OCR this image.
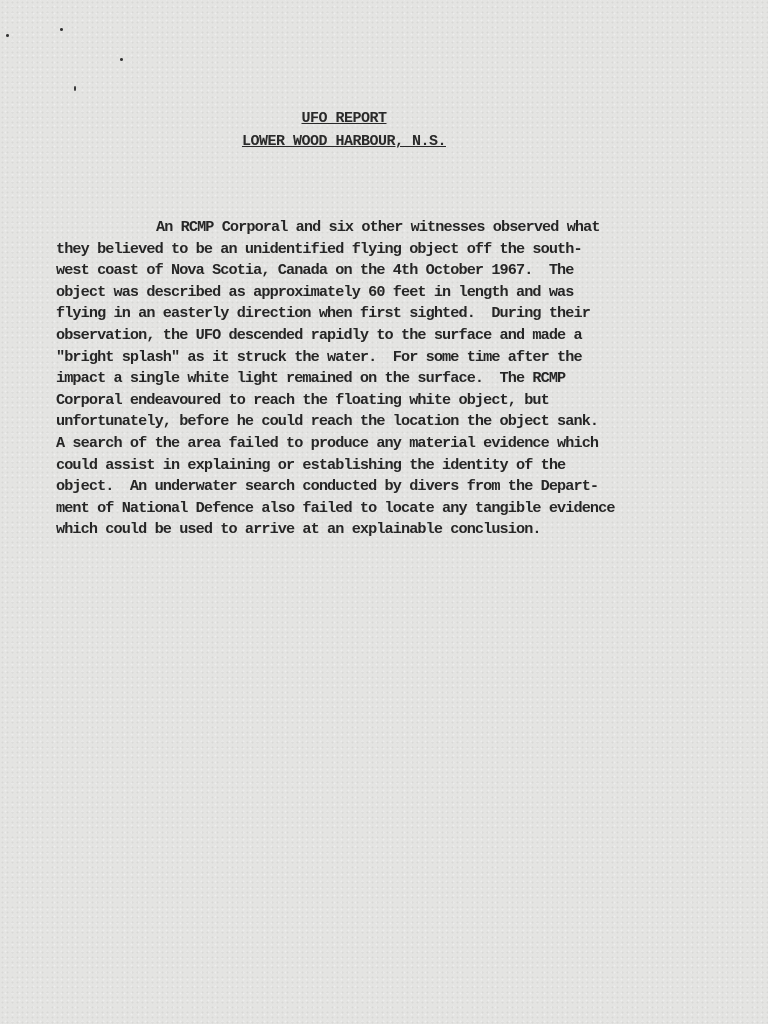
UFO REPORT
LOWER WOOD HARBOUR, N.S.
An RCMP Corporal and six other witnesses observed what
they believed to be an unidentified flying object off the south-
west coast of Nova Scotia, Canada on the 4th October 1967.  The
object was described as approximately 60 feet in length and was
flying in an easterly direction when first sighted.  During their
observation, the UFO descended rapidly to the surface and made a
"bright splash" as it struck the water.  For some time after the
impact a single white light remained on the surface.  The RCMP
Corporal endeavoured to reach the floating white object, but
unfortunately, before he could reach the location the object sank.
A search of the area failed to produce any material evidence which
could assist in explaining or establishing the identity of the
object.  An underwater search conducted by divers from the Depart-
ment of National Defence also failed to locate any tangible evidence
which could be used to arrive at an explainable conclusion.
